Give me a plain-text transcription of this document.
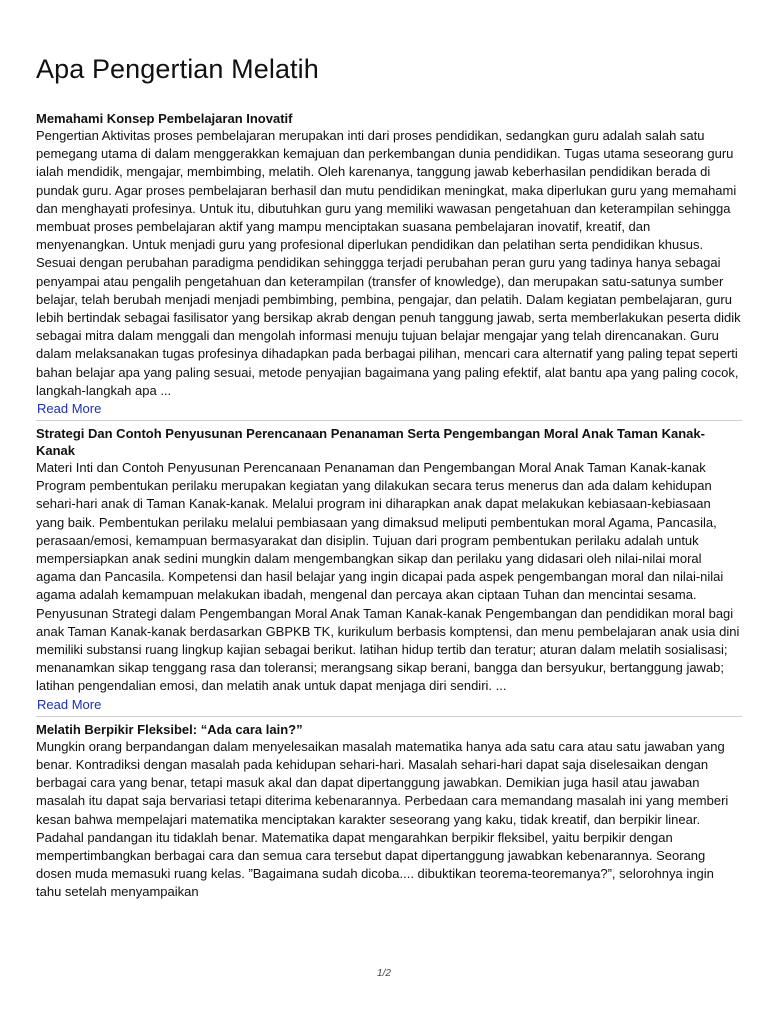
Apa Pengertian Melatih
Memahami Konsep Pembelajaran Inovatif

Pengertian Aktivitas proses pembelajaran merupakan inti dari proses pendidikan, sedangkan guru adalah salah satu pemegang utama di dalam menggerakkan kemajuan dan perkembangan dunia pendidikan. Tugas utama seseorang guru ialah mendidik, mengajar, membimbing, melatih. Oleh karenanya, tanggung jawab keberhasilan pendidikan berada di pundak guru. Agar proses pembelajaran berhasil dan mutu pendidikan meningkat, maka diperlukan guru yang memahami dan menghayati profesinya. Untuk itu, dibutuhkan guru yang memiliki wawasan pengetahuan dan keterampilan sehingga membuat proses pembelajaran aktif yang mampu menciptakan suasana pembelajaran inovatif, kreatif, dan menyenangkan. Untuk menjadi guru yang profesional diperlukan pendidikan dan pelatihan serta pendidikan khusus. Sesuai dengan perubahan paradigma pendidikan sehinggga terjadi perubahan peran guru yang tadinya hanya sebagai penyampai atau pengalih pengetahuan dan keterampilan (transfer of knowledge), dan merupakan satu-satunya sumber belajar, telah berubah menjadi menjadi pembimbing, pembina, pengajar, dan pelatih. Dalam kegiatan pembelajaran, guru lebih bertindak sebagai fasilisator yang bersikap akrab dengan penuh tanggung jawab, serta memberlakukan peserta didik sebagai mitra dalam menggali dan mengolah informasi menuju tujuan belajar mengajar yang telah direncanakan. Guru dalam melaksanakan tugas profesinya dihadapkan pada berbagai pilihan, mencari cara alternatif yang paling tepat seperti bahan belajar apa yang paling sesuai, metode penyajian bagaimana yang paling efektif, alat bantu apa yang paling cocok, langkah-langkah apa ...

Read More
Strategi Dan Contoh Penyusunan Perencanaan Penanaman Serta Pengembangan Moral Anak Taman Kanak-Kanak

Materi Inti dan Contoh Penyusunan Perencanaan Penanaman dan Pengembangan Moral Anak Taman Kanak-kanak Program pembentukan perilaku merupakan kegiatan yang dilakukan secara terus menerus dan ada dalam kehidupan sehari-hari anak di Taman Kanak-kanak. Melalui program ini diharapkan anak dapat melakukan kebiasaan-kebiasaan yang baik. Pembentukan perilaku melalui pembiasaan yang dimaksud meliputi pembentukan moral Agama, Pancasila, perasaan/emosi, kemampuan bermasyarakat dan disiplin. Tujuan dari program pembentukan perilaku adalah untuk mempersiapkan anak sedini mungkin dalam mengembangkan sikap dan perilaku yang didasari oleh nilai-nilai moral agama dan Pancasila. Kompetensi dan hasil belajar yang ingin dicapai pada aspek pengembangan moral dan nilai-nilai agama adalah kemampuan melakukan ibadah, mengenal dan percaya akan ciptaan Tuhan dan mencintai sesama. Penyusunan Strategi dalam Pengembangan Moral Anak Taman Kanak-kanak Pengembangan dan pendidikan moral bagi anak Taman Kanak-kanak berdasarkan GBPKB TK, kurikulum berbasis komptensi, dan menu pembelajaran anak usia dini memiliki substansi ruang lingkup kajian sebagai berikut. latihan hidup tertib dan teratur; aturan dalam melatih sosialisasi; menanamkan sikap tenggang rasa dan toleransi; merangsang sikap berani, bangga dan bersyukur, bertanggung jawab; latihan pengendalian emosi, dan melatih anak untuk dapat menjaga diri sendiri. ...

Read More
Melatih Berpikir Fleksibel: “Ada cara lain?”

Mungkin orang berpandangan dalam menyelesaikan masalah matematika hanya ada satu cara atau satu jawaban yang benar. Kontradiksi dengan masalah pada kehidupan sehari-hari. Masalah sehari-hari dapat saja diselesaikan dengan berbagai cara yang benar, tetapi masuk akal dan dapat dipertanggung jawabkan. Demikian juga hasil atau jawaban masalah itu dapat saja bervariasi tetapi diterima kebenarannya. Perbedaan cara memandang masalah ini yang memberi kesan bahwa mempelajari matematika menciptakan karakter seseorang yang kaku, tidak kreatif, dan berpikir linear. Padahal pandangan itu tidaklah benar. Matematika dapat mengarahkan berpikir fleksibel, yaitu berpikir dengan mempertimbangkan berbagai cara dan semua cara tersebut dapat dipertanggung jawabkan kebenarannya. Seorang dosen muda memasuki ruang kelas. ”Bagaimana sudah dicoba.... dibuktikan teorema-teoremanya?”, selorohnya ingin tahu setelah menyampaikan

1/2
